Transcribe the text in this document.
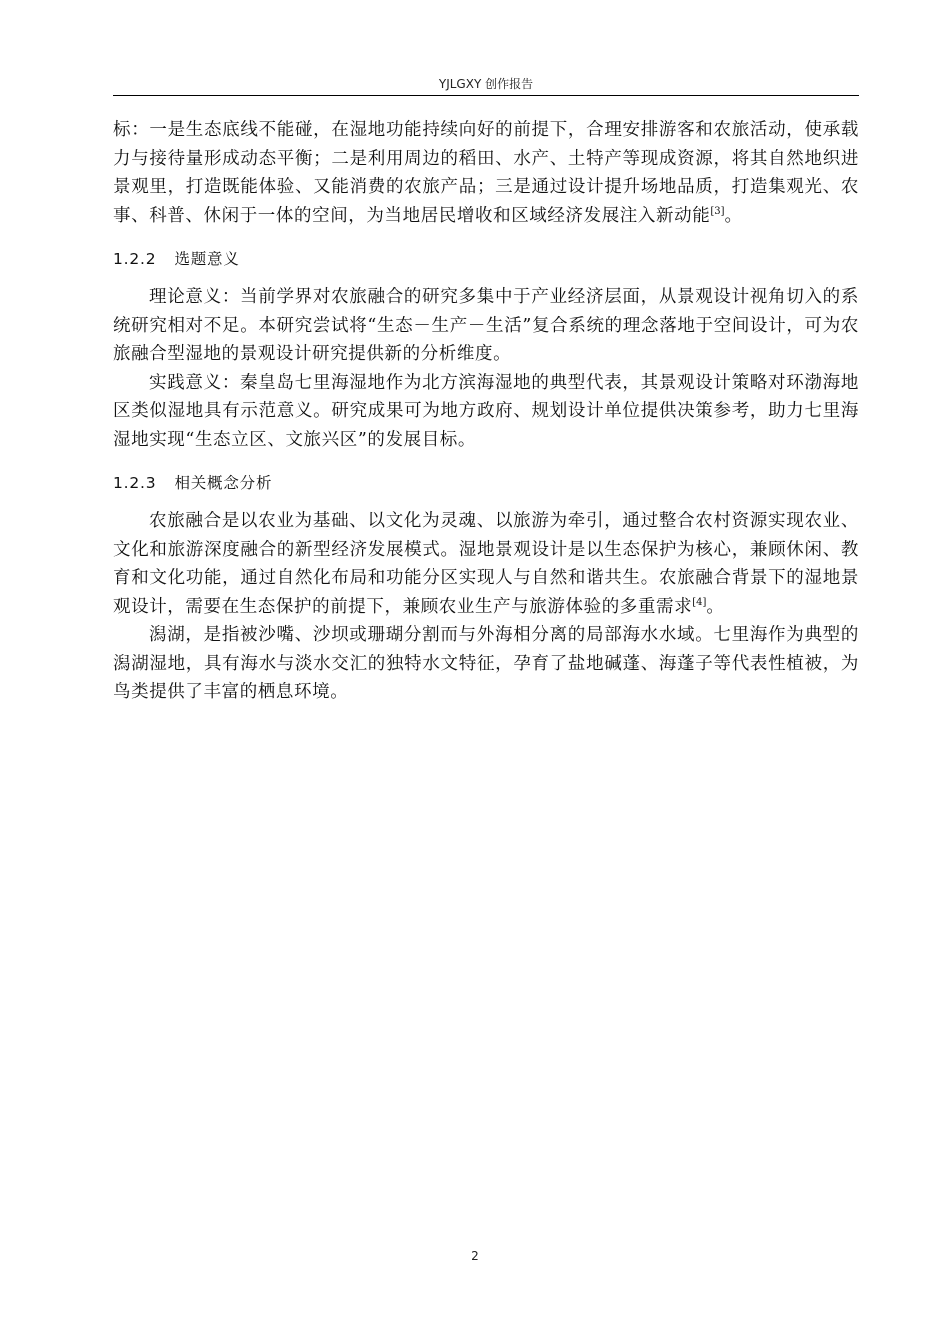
YJLGXY 创作报告

标：一是生态底线不能碰，在湿地功能持续向好的前提下，合理安排游客和农旅活动，使承载力与接待量形成动态平衡；二是利用周边的稻田、水产、土特产等现成资源，将其自然地织进景观里，打造既能体验、又能消费的农旅产品；三是通过设计提升场地品质，打造集观光、农事、科普、休闲于一体的空间，为当地居民增收和区域经济发展注入新动能[3]。

1.2.2 选题意义

理论意义：当前学界对农旅融合的研究多集中于产业经济层面，从景观设计视角切入的系统研究相对不足。本研究尝试将“生态－生产－生活”复合系统的理念落地于空间设计，可为农旅融合型湿地的景观设计研究提供新的分析维度。

实践意义：秦皇岛七里海湿地作为北方滨海湿地的典型代表，其景观设计策略对环渤海地区类似湿地具有示范意义。研究成果可为地方政府、规划设计单位提供决策参考，助力七里海湿地实现“生态立区、文旅兴区”的发展目标。

1.2.3 相关概念分析

农旅融合是以农业为基础、以文化为灵魂、以旅游为牵引，通过整合农村资源实现农业、文化和旅游深度融合的新型经济发展模式。湿地景观设计是以生态保护为核心，兼顾休闲、教育和文化功能，通过自然化布局和功能分区实现人与自然和谐共生。农旅融合背景下的湿地景观设计，需要在生态保护的前提下，兼顾农业生产与旅游体验的多重需求[4]。

潟湖，是指被沙嘴、沙坝或珊瑚分割而与外海相分离的局部海水水域。七里海作为典型的潟湖湿地，具有海水与淡水交汇的独特水文特征，孕育了盐地碱蓬、海蓬子等代表性植被，为鸟类提供了丰富的栖息环境。

2
